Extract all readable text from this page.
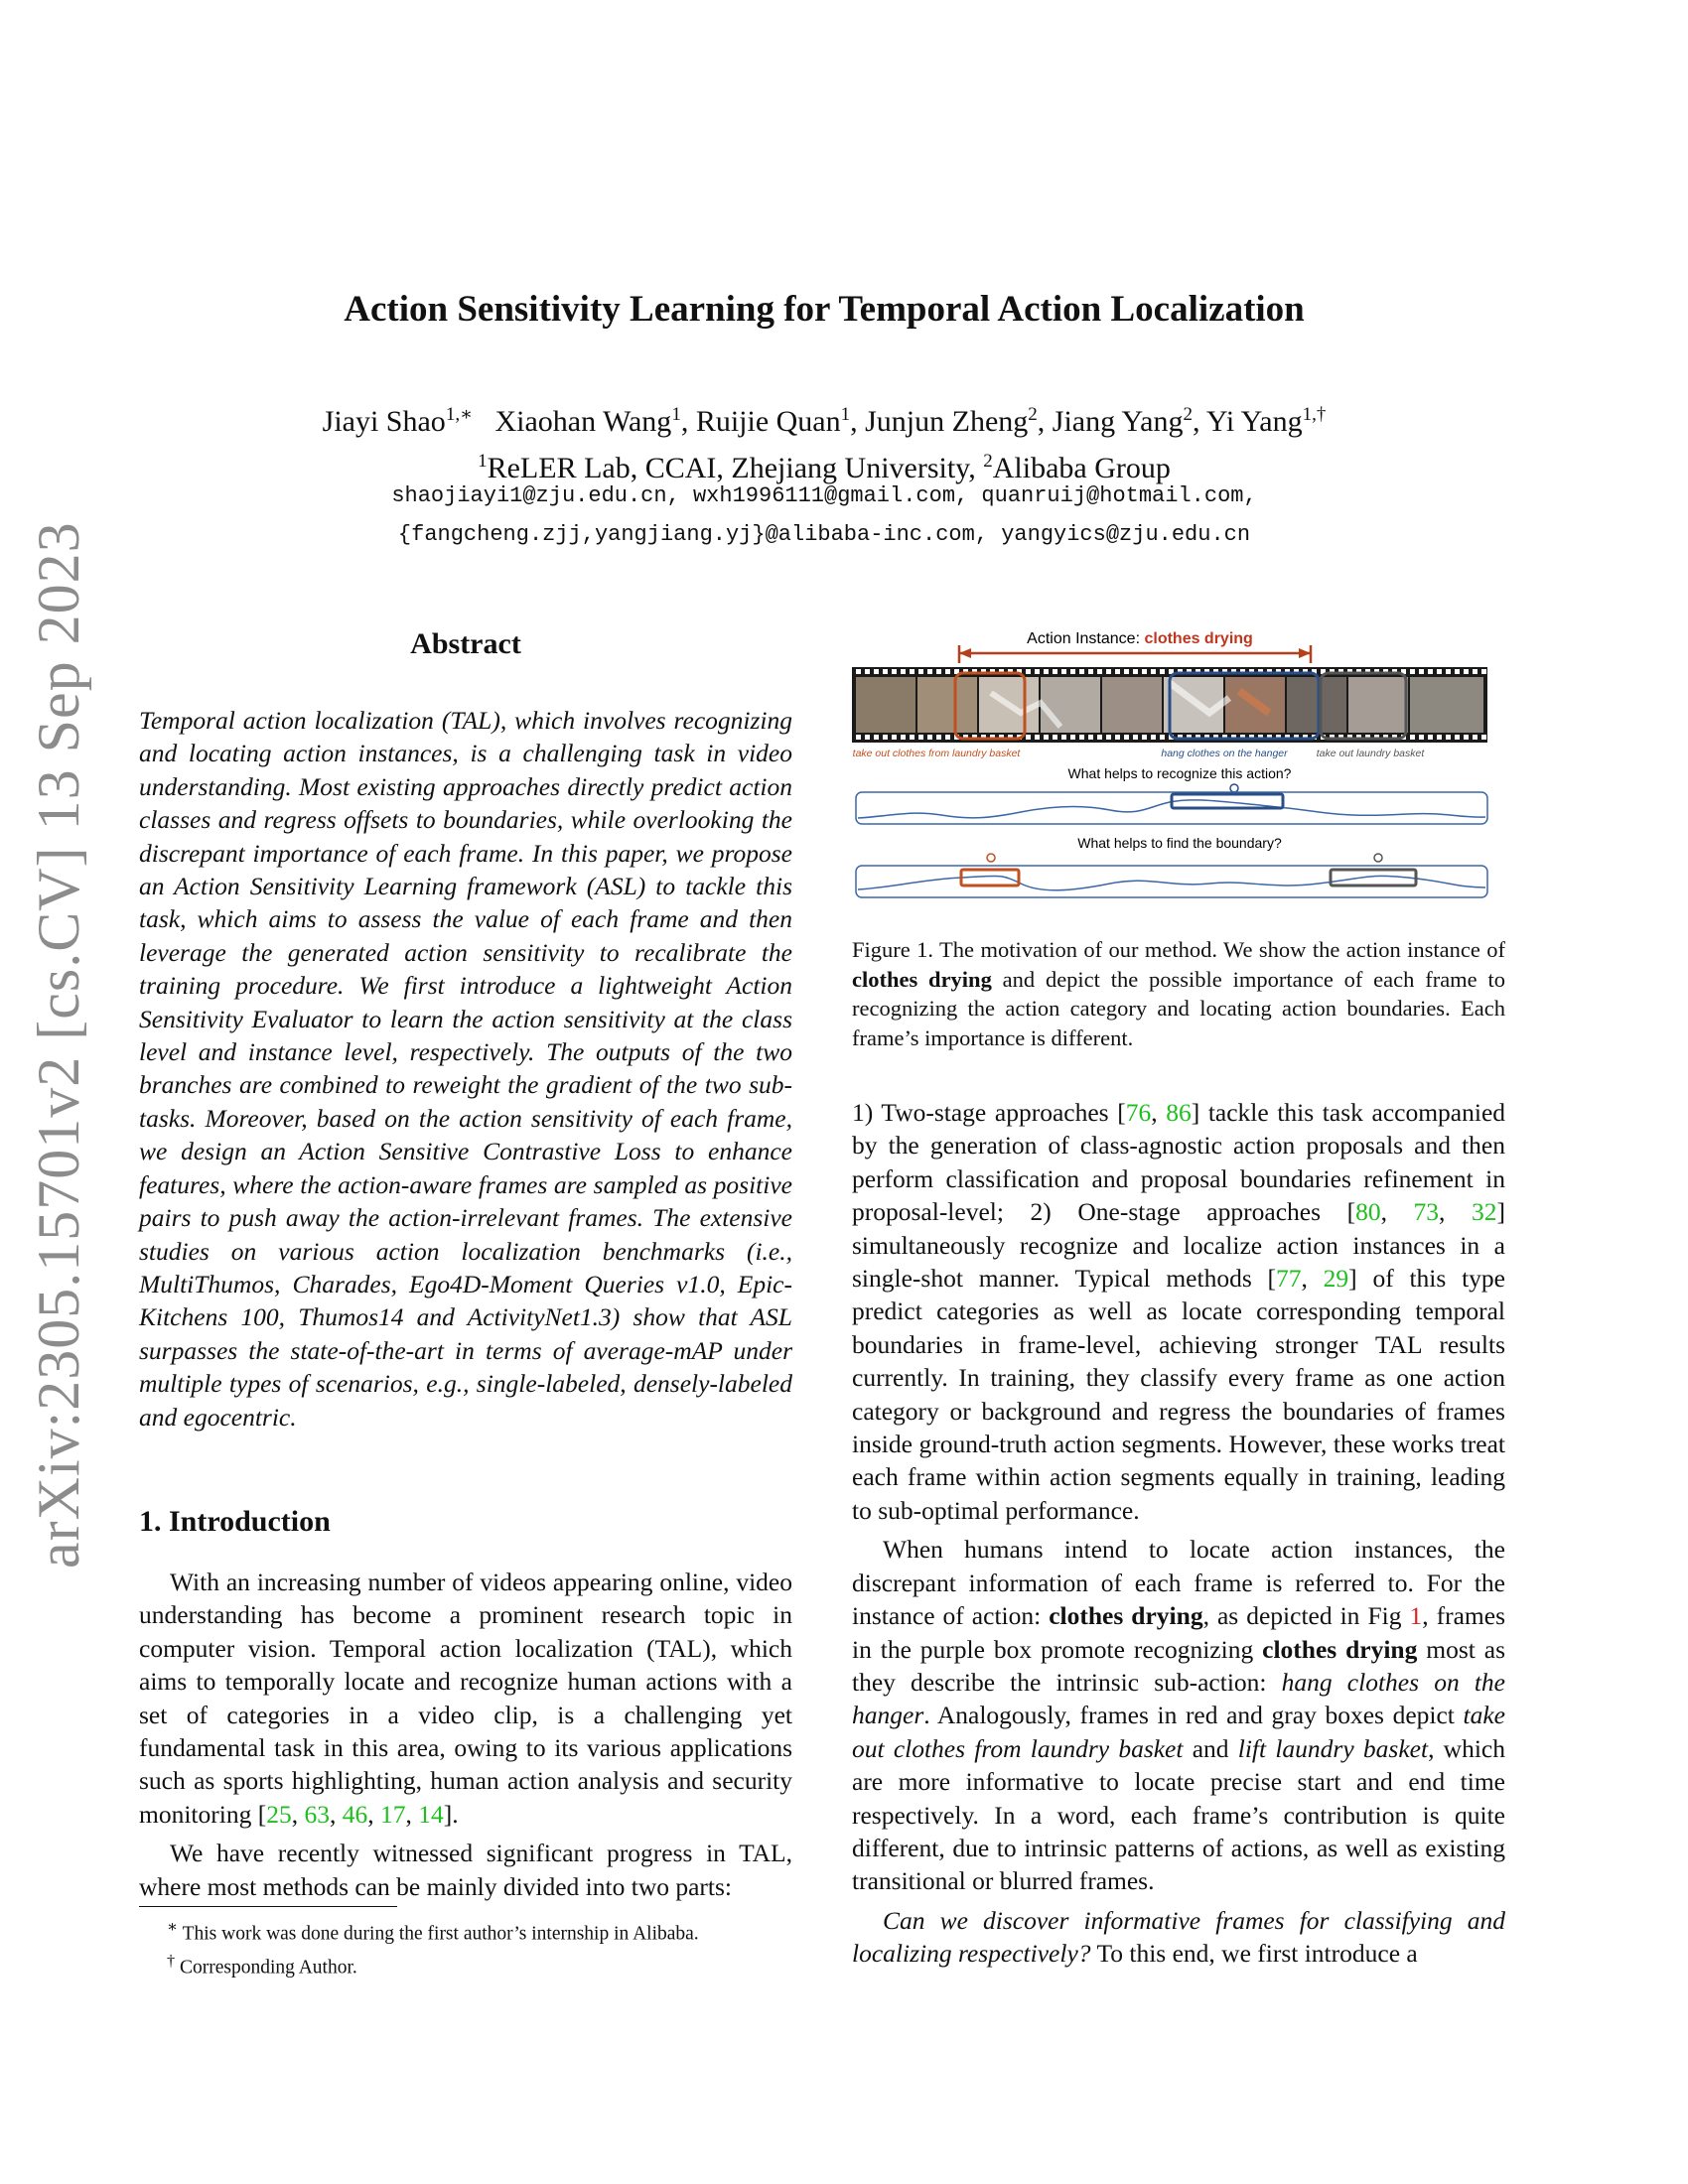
arXiv:2305.15701v2 [cs.CV] 13 Sep 2023
Action Sensitivity Learning for Temporal Action Localization
Jiayi Shao$^{1,∗}$ Xiaohan Wang$^1$, Ruijie Quan$^1$, Junjun Zheng$^2$, Jiang Yang$^2$, Yi Yang$^{1,\dagger}$
$^1$ReLER Lab, CCAI, Zhejiang University, $^2$Alibaba Group
shaojiayi1@zju.edu.cn, wxh1996111@gmail.com, quanruij@hotmail.com,
{fangcheng.zjj,yangjiang.yj}@alibaba-inc.com, yangyics@zju.edu.cn
Abstract

Temporal action localization (TAL), which involves recognizing and locating action instances, is a challenging task in video understanding. Most existing approaches directly predict action classes and regress offsets to boundaries, while overlooking the discrepant importance of each frame. In this paper, we propose an Action Sensitivity Learning framework (ASL) to tackle this task, which aims to assess the value of each frame and then leverage the generated action sensitivity to recalibrate the training procedure. We first introduce a lightweight Action Sensitivity Evaluator to learn the action sensitivity at the class level and instance level, respectively. The outputs of the two branches are combined to reweight the gradient of the two sub-tasks. Moreover, based on the action sensitivity of each frame, we design an Action Sensitive Contrastive Loss to enhance features, where the action-aware frames are sampled as positive pairs to push away the action-irrelevant frames. The extensive studies on various action localization benchmarks (i.e., MultiThumos, Charades, Ego4D-Moment Queries v1.0, Epic-Kitchens 100, Thumos14 and ActivityNet1.3) show that ASL surpasses the state-of-the-art in terms of average-mAP under multiple types of scenarios, e.g., single-labeled, densely-labeled and egocentric.

1. Introduction

With an increasing number of videos appearing online, video understanding has become a prominent research topic in computer vision. Temporal action localization (TAL), which aims to temporally locate and recognize human actions with a set of categories in a video clip, is a challenging yet fundamental task in this area, owing to its various applications such as sports highlighting, human action analysis and security monitoring [25, 63, 46, 17, 14].

We have recently witnessed significant progress in TAL, where most methods can be mainly divided into two parts:

∗ This work was done during the first author’s internship in Alibaba.

† Corresponding Author.

Action Instance: clothes drying
take out clothes from laundry basket	hang clothes on the hanger	take out laundry basket
What helps to recognize this action?
What helps to find the boundary?
Figure 1. The motivation of our method. We show the action instance of clothes drying and depict the possible importance of each frame to recognizing the action category and locating action boundaries. Each frame’s importance is different.

1) Two-stage approaches [76, 86] tackle this task accompanied by the generation of class-agnostic action proposals and then perform classification and proposal boundaries refinement in proposal-level; 2) One-stage approaches [80, 73, 32] simultaneously recognize and localize action instances in a single-shot manner. Typical methods [77, 29] of this type predict categories as well as locate corresponding temporal boundaries in frame-level, achieving stronger TAL results currently. In training, they classify every frame as one action category or background and regress the boundaries of frames inside ground-truth action segments. However, these works treat each frame within action segments equally in training, leading to sub-optimal performance.

When humans intend to locate action instances, the discrepant information of each frame is referred to. For the instance of action: clothes drying, as depicted in Fig 1, frames in the purple box promote recognizing clothes drying most as they describe the intrinsic sub-action: hang clothes on the hanger. Analogously, frames in red and gray boxes depict take out clothes from laundry basket and lift laundry basket, which are more informative to locate precise start and end time respectively. In a word, each frame’s contribution is quite different, due to intrinsic patterns of actions, as well as existing transitional or blurred frames.

Can we discover informative frames for classifying and localizing respectively? To this end, we first introduce a
